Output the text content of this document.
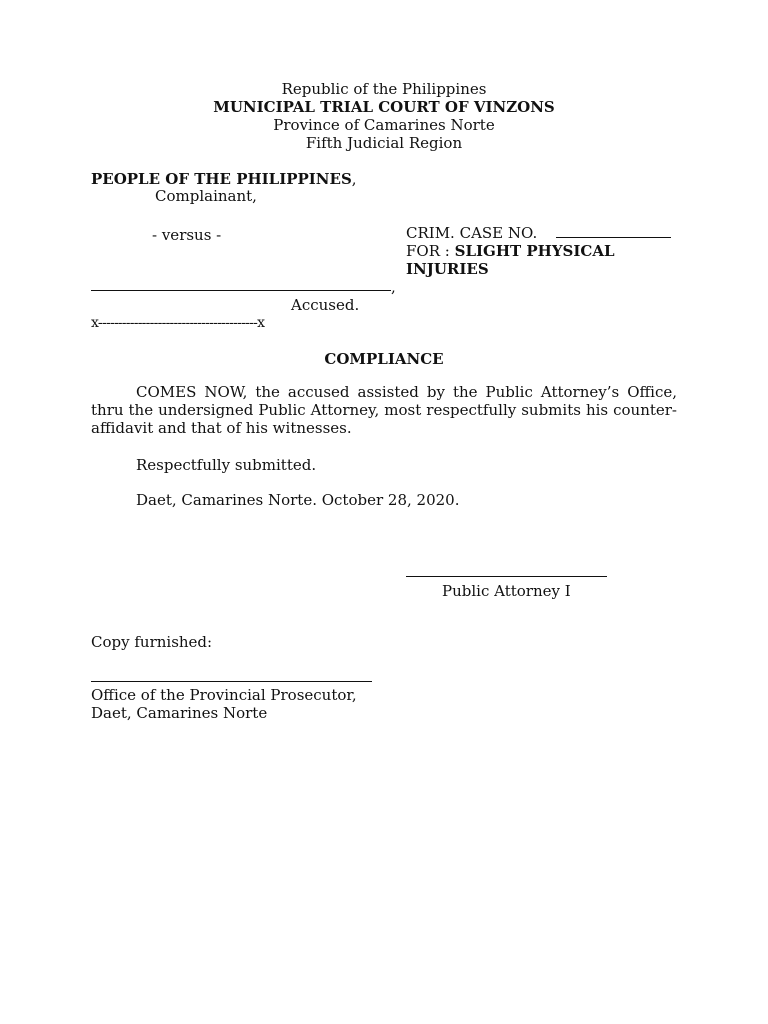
Republic of the Philippines
MUNICIPAL TRIAL COURT OF VINZONS
Province of Camarines Norte
Fifth Judicial Region
PEOPLE OF THE PHILIPPINES,
Complainant,
- versus -	CRIM. CASE NO.
FOR : SLIGHT PHYSICAL
INJURIES
,
Accused.
x----------------------------------------x
COMPLIANCE
COMES NOW, the accused assisted by the Public Attorney’s Office, thru the undersigned Public Attorney, most respectfully submits his counter-affidavit and that of his witnesses.
Respectfully submitted.
Daet, Camarines Norte. October 28, 2020.
Public Attorney I
Copy furnished:
Office of the Provincial Prosecutor,
Daet, Camarines Norte
